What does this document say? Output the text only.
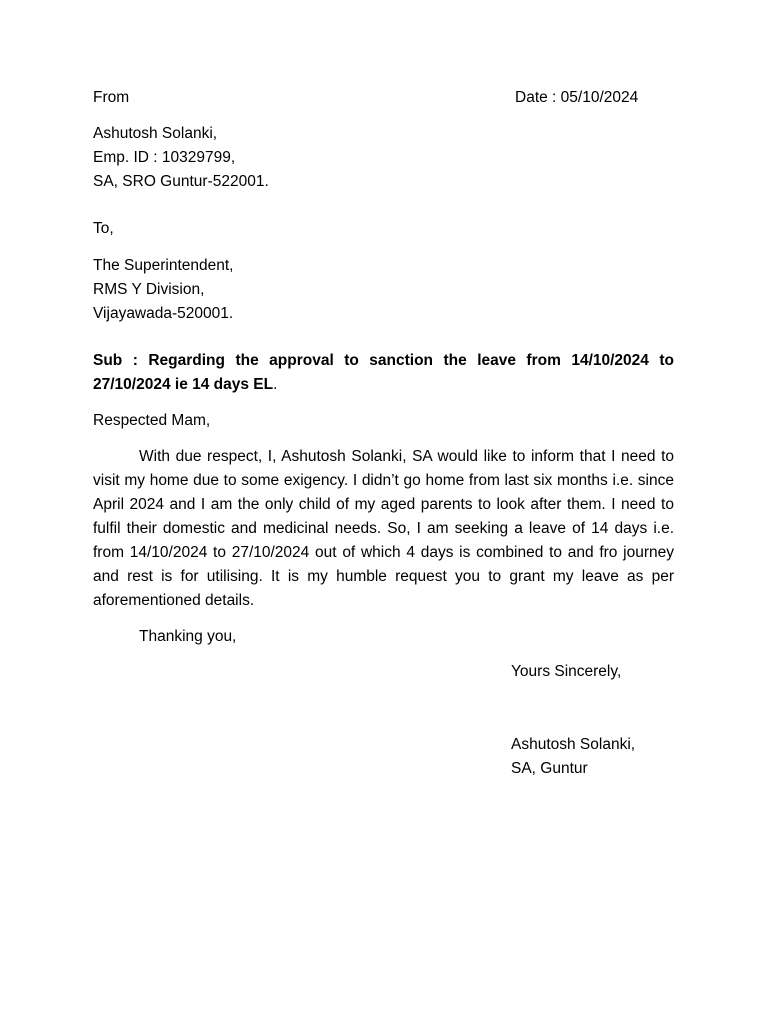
From	Date : 05/10/2024
Ashutosh Solanki,
Emp. ID : 10329799,
SA, SRO Guntur-522001.
To,
The Superintendent,
RMS Y Division,
Vijayawada-520001.
Sub : Regarding the approval to sanction the leave from 14/10/2024 to
27/10/2024 ie 14 days EL.
Respected Mam,
With due respect, I, Ashutosh Solanki, SA would like to inform that I need to visit my home due to some exigency. I didn’t go home from last six months i.e. since April 2024 and I am the only child of my aged parents to look after them. I need to fulfil their domestic and medicinal needs. So, I am seeking a leave of 14 days i.e. from 14/10/2024 to 27/10/2024 out of which 4 days is combined to and fro journey and rest is for utilising. It is my humble request you to grant my leave as per aforementioned details.
Thanking you,
Yours Sincerely,
Ashutosh Solanki,
SA, Guntur
